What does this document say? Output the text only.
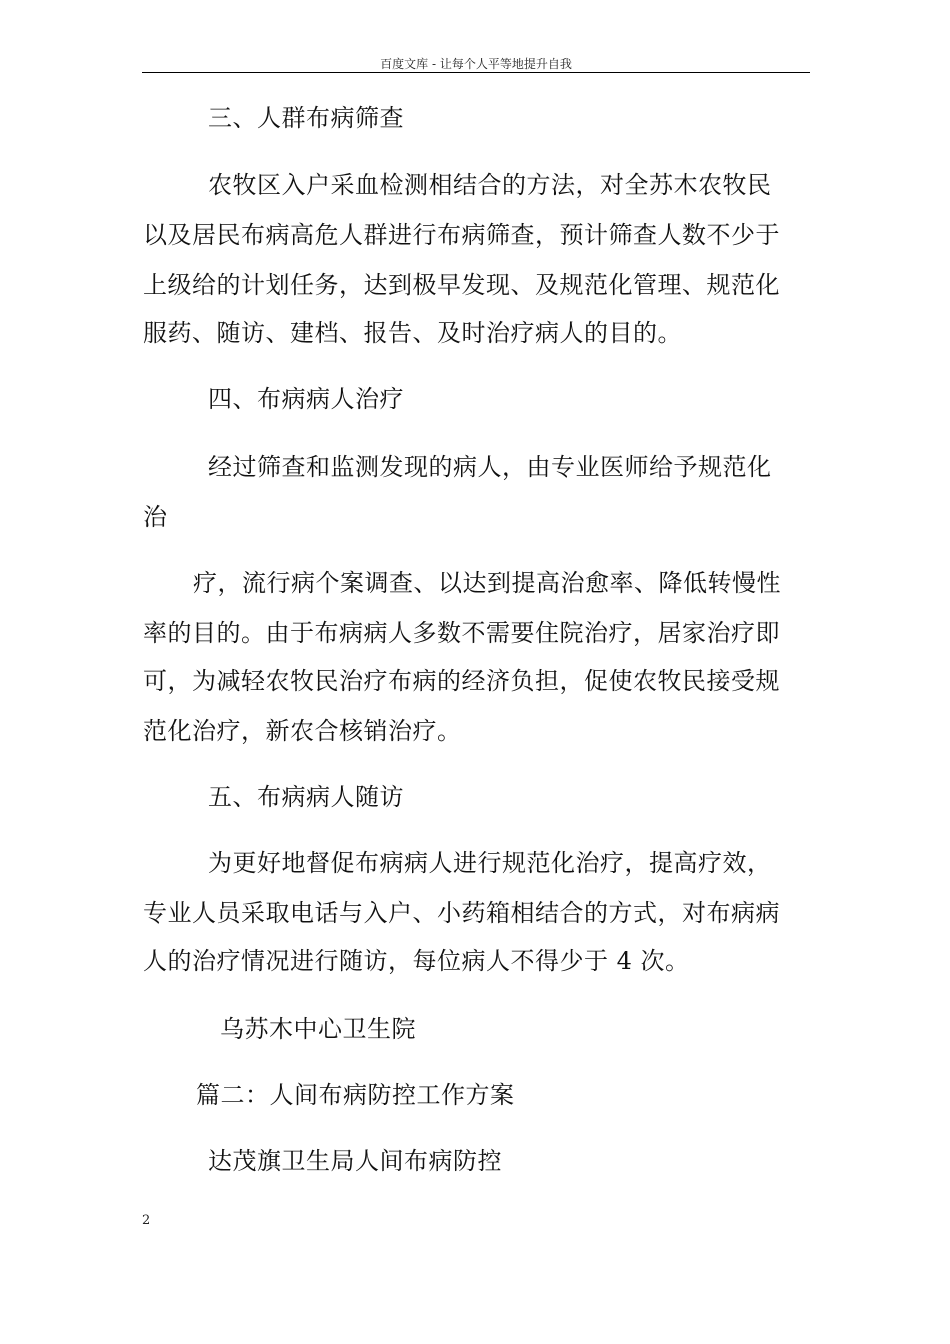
百度文库 - 让每个人平等地提升自我
三、人群布病筛查
农牧区入户采血检测相结合的方法，对全苏木农牧民
以及居民布病高危人群进行布病筛查，预计筛查人数不少于
上级给的计划任务，达到极早发现、及规范化管理、规范化
服药、随访、建档、报告、及时治疗病人的目的。
四、布病病人治疗
经过筛查和监测发现的病人，由专业医师给予规范化
治
疗，流行病个案调查、以达到提高治愈率、降低转慢性
率的目的。由于布病病人多数不需要住院治疗，居家治疗即
可，为减轻农牧民治疗布病的经济负担，促使农牧民接受规
范化治疗，新农合核销治疗。
五、布病病人随访
为更好地督促布病病人进行规范化治疗，提高疗效，
专业人员采取电话与入户、小药箱相结合的方式，对布病病
人的治疗情况进行随访，每位病人不得少于 4 次。
乌苏木中心卫生院
篇二：人间布病防控工作方案
达茂旗卫生局人间布病防控
2
